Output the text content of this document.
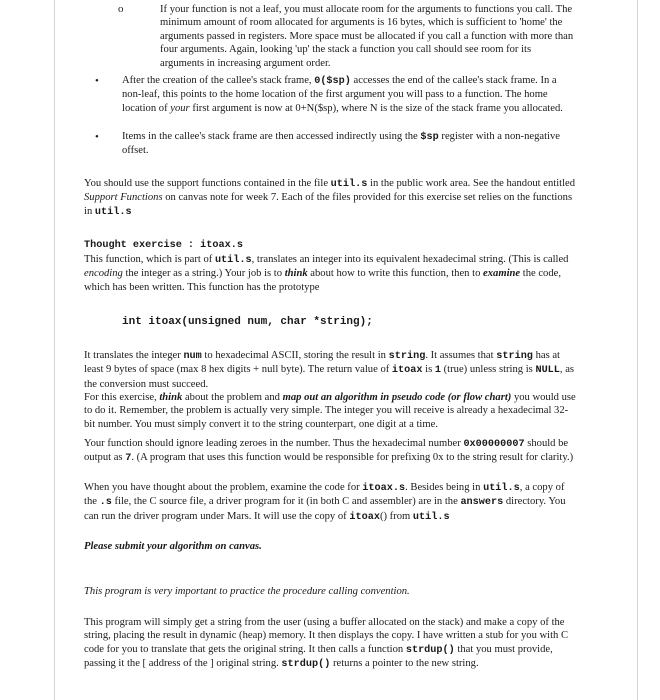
o	If your function is not a leaf, you must allocate room for the arguments to functions you call. The minimum amount of room allocated for arguments is 16 bytes, which is sufficient to 'home' the arguments passed in registers. More space must be allocated if you call a function with more than four arguments. Again, looking 'up' the stack a function you call should see room for its arguments in increasing argument order.

•	After the creation of the callee's stack frame, 0($sp) accesses the end of the callee's stack frame. In a non-leaf, this points to the home location of the first argument you will pass to a function. The home location of your first argument is now at 0+N($sp), where N is the size of the stack frame you allocated.

•	Items in the callee's stack frame are then accessed indirectly using the $sp register with a non-negative offset.

You should use the support functions contained in the file util.s in the public work area. See the handout entitled Support Functions on canvas note for week 7. Each of the files provided for this exercise set relies on the functions in util.s

Thought exercise : itoax.s

This function, which is part of util.s, translates an integer into its equivalent hexadecimal string. (This is called encoding the integer as a string.) Your job is to think about how to write this function, then to examine the code, which has been written. This function has the prototype

int itoax(unsigned num, char *string);

It translates the integer num to hexadecimal ASCII, storing the result in string. It assumes that string has at least 9 bytes of space (max 8 hex digits + null byte). The return value of itoax is 1 (true) unless string is NULL, as the conversion must succeed.

For this exercise, think about the problem and map out an algorithm in pseudo code (or flow chart) you would use to do it. Remember, the problem is actually very simple. The integer you will receive is already a hexadecimal 32-bit number. You must simply convert it to the string counterpart, one digit at a time.

Your function should ignore leading zeroes in the number. Thus the hexadecimal number 0x00000007 should be output as 7. (A program that uses this function would be responsible for prefixing 0x to the string result for clarity.)

When you have thought about the problem, examine the code for itoax.s. Besides being in util.s, a copy of the .s file, the C source file, a driver program for it (in both C and assembler) are in the answers directory. You can run the driver program under Mars. It will use the copy of itoax() from util.s

Please submit your algorithm on canvas.

This program is very important to practice the procedure calling convention.

This program will simply get a string from the user (using a buffer allocated on the stack) and make a copy of the string, placing the result in dynamic (heap) memory. It then displays the copy. I have written a stub for you with C code for you to translate that gets the original string. It then calls a function strdup() that you must provide, passing it the [ address of the ] original string. strdup() returns a pointer to the new string.
